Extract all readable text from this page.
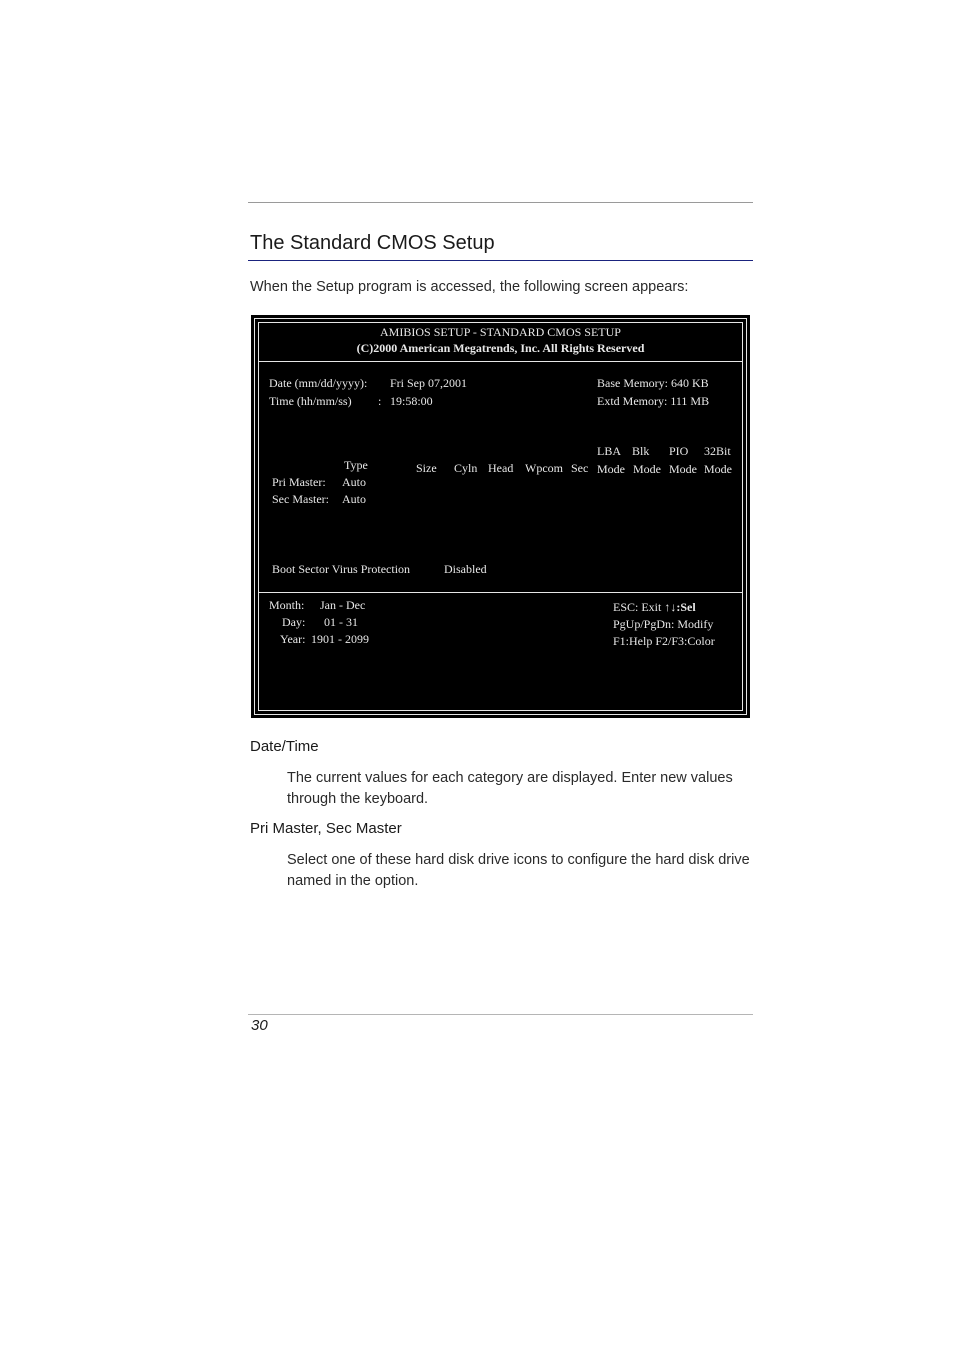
The Standard CMOS Setup
When the Setup program is accessed, the following screen appears:
AMIBIOS SETUP - STANDARD CMOS SETUP
(C)2000 American Megatrends, Inc. All Rights Reserved
Date (mm/dd/yyyy): Fri Sep 07,2001
Time (hh/mm/ss) : 19:58:00
Base Memory: 640 KB
Extd Memory: 111 MB
LBA Blk PIO 32Bit
Type	Size Cyln Head Wpcom Sec Mode Mode Mode Mode
Pri Master: Auto
Sec Master: Auto
Boot Sector Virus Protection	Disabled
Month: Jan - Dec
Day: 01 - 31
Year: 1901 - 2099
ESC: Exit ↑↓:Sel
PgUp/PgDn: Modify
F1:Help F2/F3:Color
Date/Time

The current values for each category are displayed. Enter new values through the keyboard.

Pri Master, Sec Master

Select one of these hard disk drive icons to configure the hard disk drive named in the option.

30
